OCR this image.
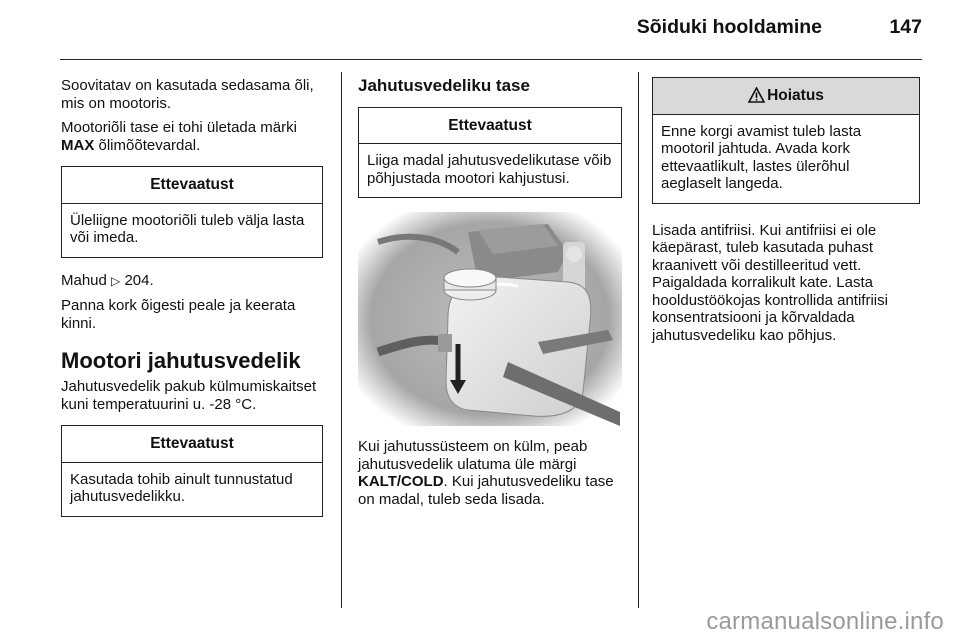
Sõiduki hooldamine	147

Soovitatav on kasutada sedasama õli, mis on mootoris.

Mootoriõli tase ei tohi ületada märki MAX õlimõõtevardal.

Ettevaatust
Üleliigne mootoriõli tuleb välja lasta või imeda.

Mahud ▷ 204.

Panna kork õigesti peale ja keerata kinni.

Mootori jahutusvedelik

Jahutusvedelik pakub külmumiskaitset kuni temperatuurini u. -28 °C.

Ettevaatust
Kasutada tohib ainult tunnustatud jahutusvedelikku.
Jahutusvedeliku tase
Ettevaatust
Liiga madal jahutusvedelikutase võib põhjustada mootori kahjustusi.

Kui jahutussüsteem on külm, peab jahutusvedelik ulatuma üle märgi KALT/COLD. Kui jahutusvedeliku tase on madal, tuleb seda lisada.

Hoiatus
Enne korgi avamist tuleb lasta mootoril jahtuda. Avada kork ettevaatlikult, lastes ülerõhul aeglaselt langeda.

Lisada antifriisi. Kui antifriisi ei ole käepärast, tuleb kasutada puhast kraanivett või destilleeritud vett. Paigaldada korralikult kate. Lasta hooldustöökojas kontrollida antifriisi konsentratsiooni ja kõrvaldada jahutusvedeliku kao põhjus.

carmanualsonline.info
